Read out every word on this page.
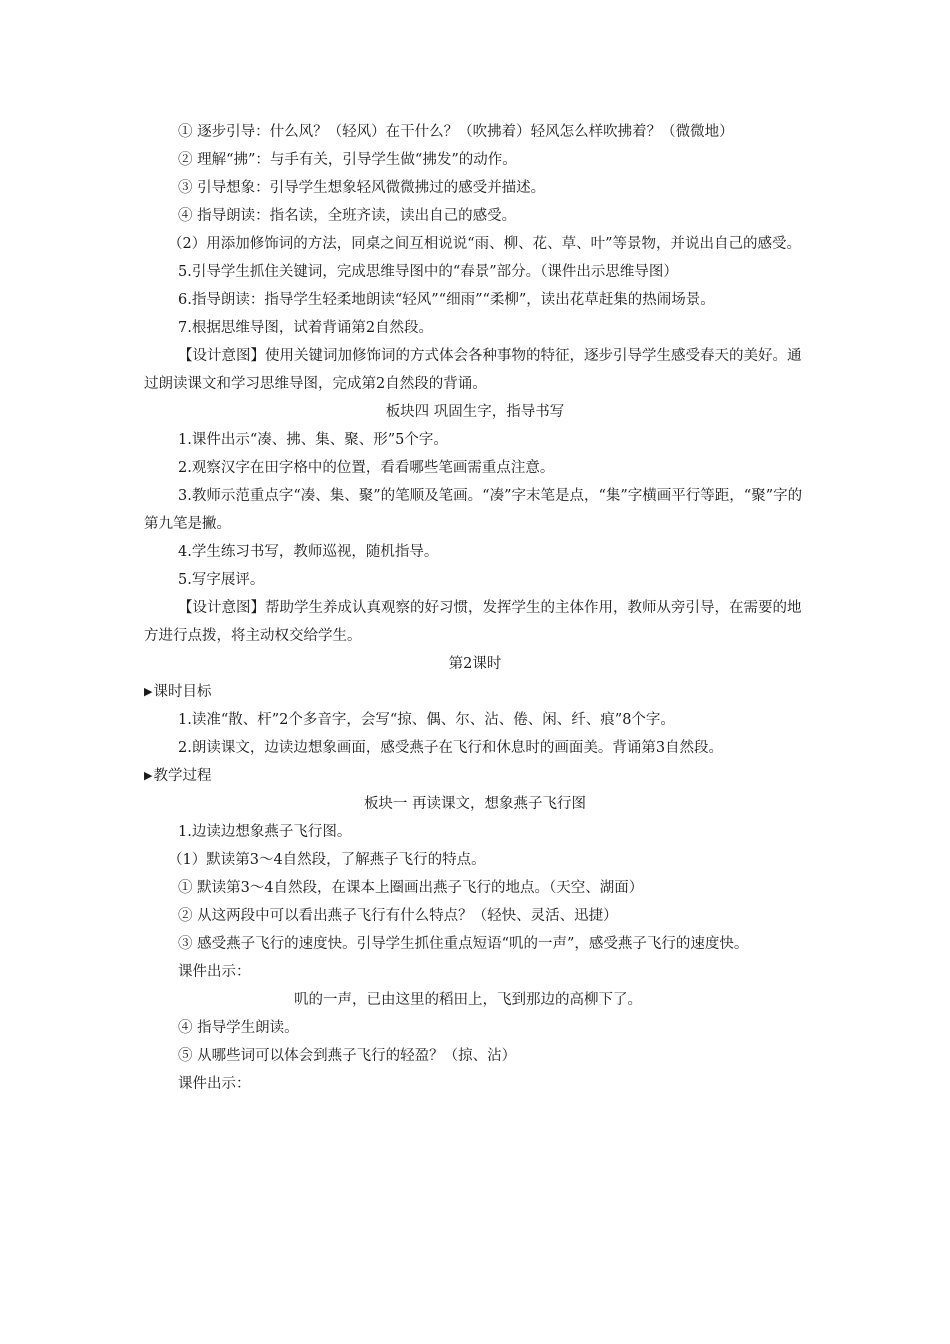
① 逐步引导：什么风？（轻风）在干什么？（吹拂着）轻风怎么样吹拂着？（微微地）

② 理解“拂”：与手有关，引导学生做“拂发”的动作。

③ 引导想象：引导学生想象轻风微微拂过的感受并描述。

④ 指导朗读：指名读，全班齐读，读出自己的感受。

（2）用添加修饰词的方法，同桌之间互相说说“雨、柳、花、草、叶”等景物，并说出自己的感受。

5.引导学生抓住关键词，完成思维导图中的“春景”部分。（课件出示思维导图）

6.指导朗读：指导学生轻柔地朗读“轻风”“细雨”“柔柳”，读出花草赶集的热闹场景。

7.根据思维导图，试着背诵第2自然段。

【设计意图】使用关键词加修饰词的方式体会各种事物的特征，逐步引导学生感受春天的美好。通过朗读课文和学习思维导图，完成第2自然段的背诵。

板块四 巩固生字，指导书写

1.课件出示“凑、拂、集、聚、形”5个字。

2.观察汉字在田字格中的位置，看看哪些笔画需重点注意。

3.教师示范重点字“凑、集、聚”的笔顺及笔画。“凑”字末笔是点，“集”字横画平行等距，“聚”字的第九笔是撇。

4.学生练习书写，教师巡视，随机指导。

5.写字展评。

【设计意图】帮助学生养成认真观察的好习惯，发挥学生的主体作用，教师从旁引导，在需要的地方进行点拨，将主动权交给学生。

第2课时

▶课时目标

1.读准“散、杆”2个多音字，会写“掠、偶、尔、沾、倦、闲、纤、痕”8个字。

2.朗读课文，边读边想象画面，感受燕子在飞行和休息时的画面美。背诵第3自然段。

▶教学过程

板块一 再读课文，想象燕子飞行图

1.边读边想象燕子飞行图。

（1）默读第3～4自然段，了解燕子飞行的特点。

① 默读第3～4自然段，在课本上圈画出燕子飞行的地点。（天空、湖面）

② 从这两段中可以看出燕子飞行有什么特点？（轻快、灵活、迅捷）

③ 感受燕子飞行的速度快。引导学生抓住重点短语“叽的一声”，感受燕子飞行的速度快。

课件出示：

叽的一声，已由这里的稻田上，飞到那边的高柳下了。

④ 指导学生朗读。

⑤ 从哪些词可以体会到燕子飞行的轻盈？（掠、沾）

课件出示：
